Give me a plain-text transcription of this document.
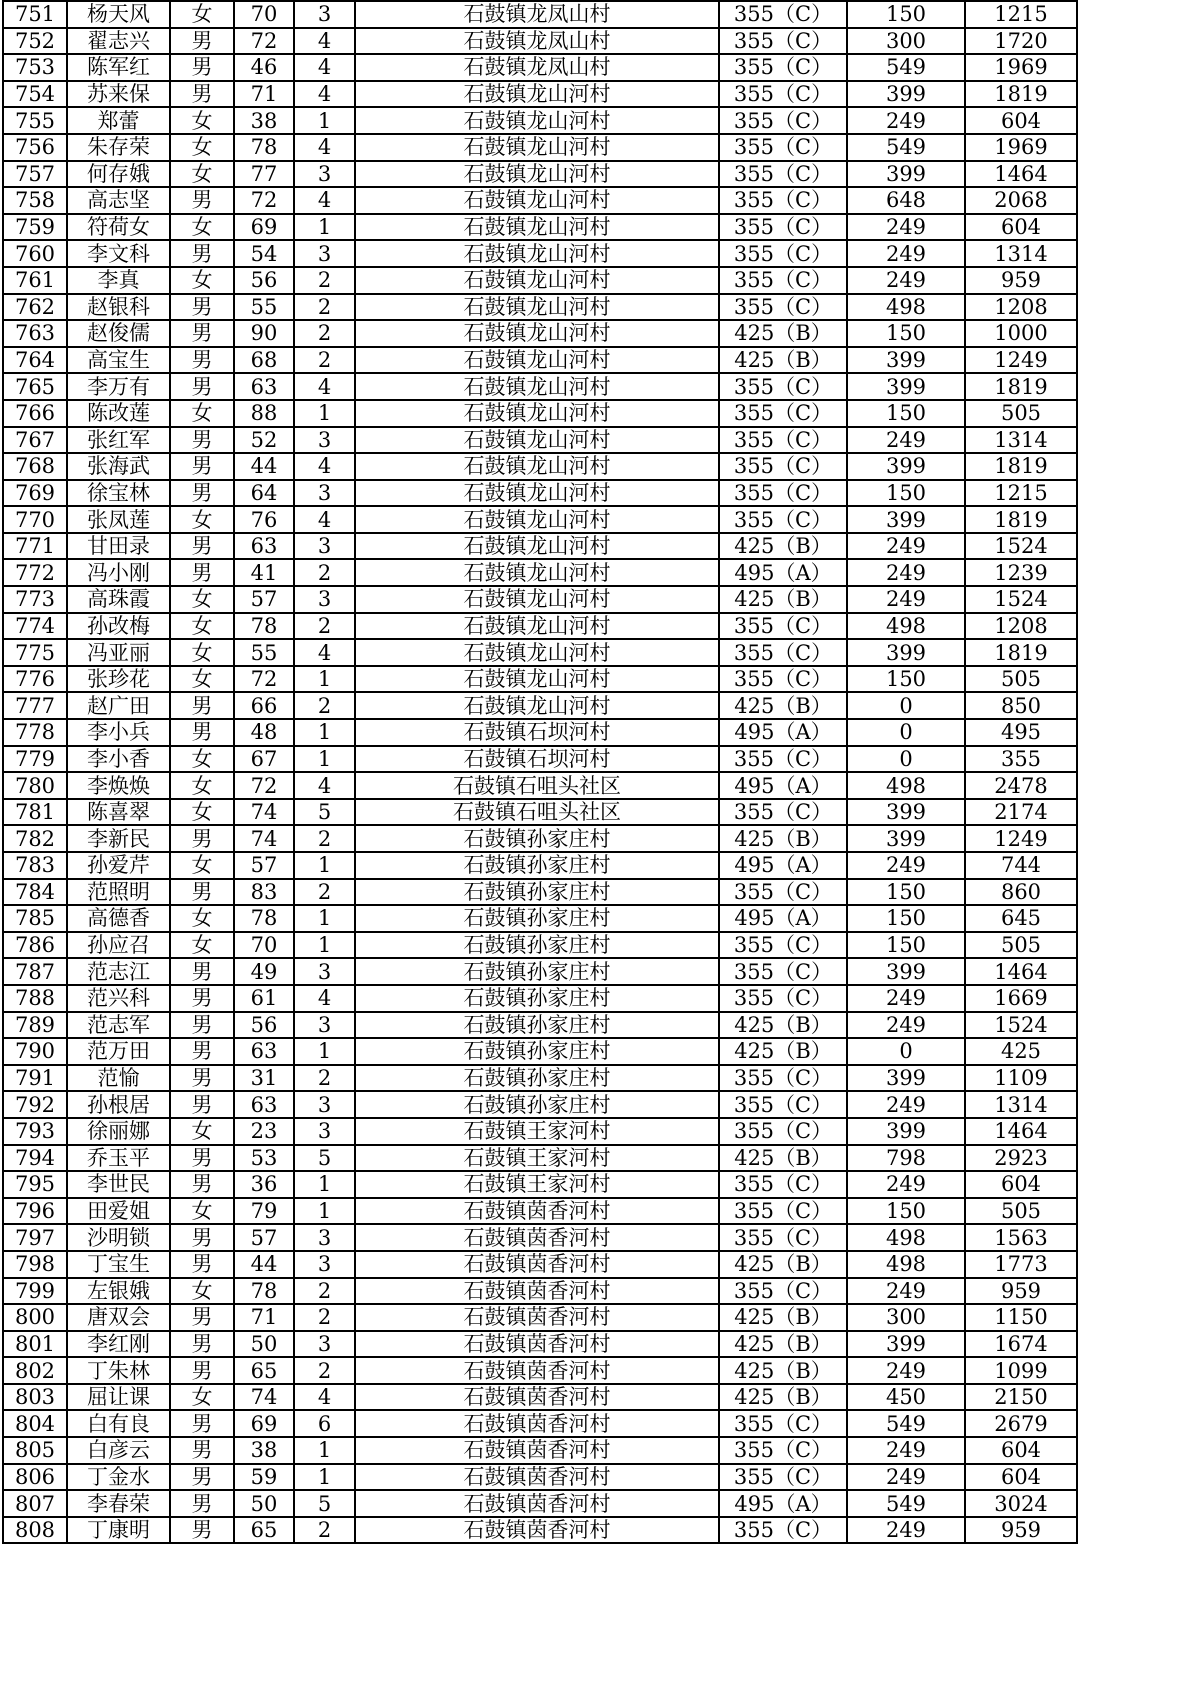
751	杨天风	女	70	3	石鼓镇龙凤山村	355（C）	150	1215
752	翟志兴	男	72	4	石鼓镇龙凤山村	355（C）	300	1720
753	陈军红	男	46	4	石鼓镇龙凤山村	355（C）	549	1969
754	苏来保	男	71	4	石鼓镇龙山河村	355（C）	399	1819
755	郑蕾	女	38	1	石鼓镇龙山河村	355（C）	249	604
756	朱存荣	女	78	4	石鼓镇龙山河村	355（C）	549	1969
757	何存娥	女	77	3	石鼓镇龙山河村	355（C）	399	1464
758	高志坚	男	72	4	石鼓镇龙山河村	355（C）	648	2068
759	符荷女	女	69	1	石鼓镇龙山河村	355（C）	249	604
760	李文科	男	54	3	石鼓镇龙山河村	355（C）	249	1314
761	李真	女	56	2	石鼓镇龙山河村	355（C）	249	959
762	赵银科	男	55	2	石鼓镇龙山河村	355（C）	498	1208
763	赵俊儒	男	90	2	石鼓镇龙山河村	425（B）	150	1000
764	高宝生	男	68	2	石鼓镇龙山河村	425（B）	399	1249
765	李万有	男	63	4	石鼓镇龙山河村	355（C）	399	1819
766	陈改莲	女	88	1	石鼓镇龙山河村	355（C）	150	505
767	张红军	男	52	3	石鼓镇龙山河村	355（C）	249	1314
768	张海武	男	44	4	石鼓镇龙山河村	355（C）	399	1819
769	徐宝林	男	64	3	石鼓镇龙山河村	355（C）	150	1215
770	张凤莲	女	76	4	石鼓镇龙山河村	355（C）	399	1819
771	甘田录	男	63	3	石鼓镇龙山河村	425（B）	249	1524
772	冯小刚	男	41	2	石鼓镇龙山河村	495（A）	249	1239
773	高珠霞	女	57	3	石鼓镇龙山河村	425（B）	249	1524
774	孙改梅	女	78	2	石鼓镇龙山河村	355（C）	498	1208
775	冯亚丽	女	55	4	石鼓镇龙山河村	355（C）	399	1819
776	张珍花	女	72	1	石鼓镇龙山河村	355（C）	150	505
777	赵广田	男	66	2	石鼓镇龙山河村	425（B）	0	850
778	李小兵	男	48	1	石鼓镇石坝河村	495（A）	0	495
779	李小香	女	67	1	石鼓镇石坝河村	355（C）	0	355
780	李焕焕	女	72	4	石鼓镇石咀头社区	495（A）	498	2478
781	陈喜翠	女	74	5	石鼓镇石咀头社区	355（C）	399	2174
782	李新民	男	74	2	石鼓镇孙家庄村	425（B）	399	1249
783	孙爱芹	女	57	1	石鼓镇孙家庄村	495（A）	249	744
784	范照明	男	83	2	石鼓镇孙家庄村	355（C）	150	860
785	高德香	女	78	1	石鼓镇孙家庄村	495（A）	150	645
786	孙应召	女	70	1	石鼓镇孙家庄村	355（C）	150	505
787	范志江	男	49	3	石鼓镇孙家庄村	355（C）	399	1464
788	范兴科	男	61	4	石鼓镇孙家庄村	355（C）	249	1669
789	范志军	男	56	3	石鼓镇孙家庄村	425（B）	249	1524
790	范万田	男	63	1	石鼓镇孙家庄村	425（B）	0	425
791	范愉	男	31	2	石鼓镇孙家庄村	355（C）	399	1109
792	孙根居	男	63	3	石鼓镇孙家庄村	355（C）	249	1314
793	徐丽娜	女	23	3	石鼓镇王家河村	355（C）	399	1464
794	乔玉平	男	53	5	石鼓镇王家河村	425（B）	798	2923
795	李世民	男	36	1	石鼓镇王家河村	355（C）	249	604
796	田爱姐	女	79	1	石鼓镇茵香河村	355（C）	150	505
797	沙明锁	男	57	3	石鼓镇茵香河村	355（C）	498	1563
798	丁宝生	男	44	3	石鼓镇茵香河村	425（B）	498	1773
799	左银娥	女	78	2	石鼓镇茵香河村	355（C）	249	959
800	唐双会	男	71	2	石鼓镇茵香河村	425（B）	300	1150
801	李红刚	男	50	3	石鼓镇茵香河村	425（B）	399	1674
802	丁朱林	男	65	2	石鼓镇茵香河村	425（B）	249	1099
803	屈让课	女	74	4	石鼓镇茵香河村	425（B）	450	2150
804	白有良	男	69	6	石鼓镇茵香河村	355（C）	549	2679
805	白彦云	男	38	1	石鼓镇茵香河村	355（C）	249	604
806	丁金水	男	59	1	石鼓镇茵香河村	355（C）	249	604
807	李春荣	男	50	5	石鼓镇茵香河村	495（A）	549	3024
808	丁康明	男	65	2	石鼓镇茵香河村	355（C）	249	959
